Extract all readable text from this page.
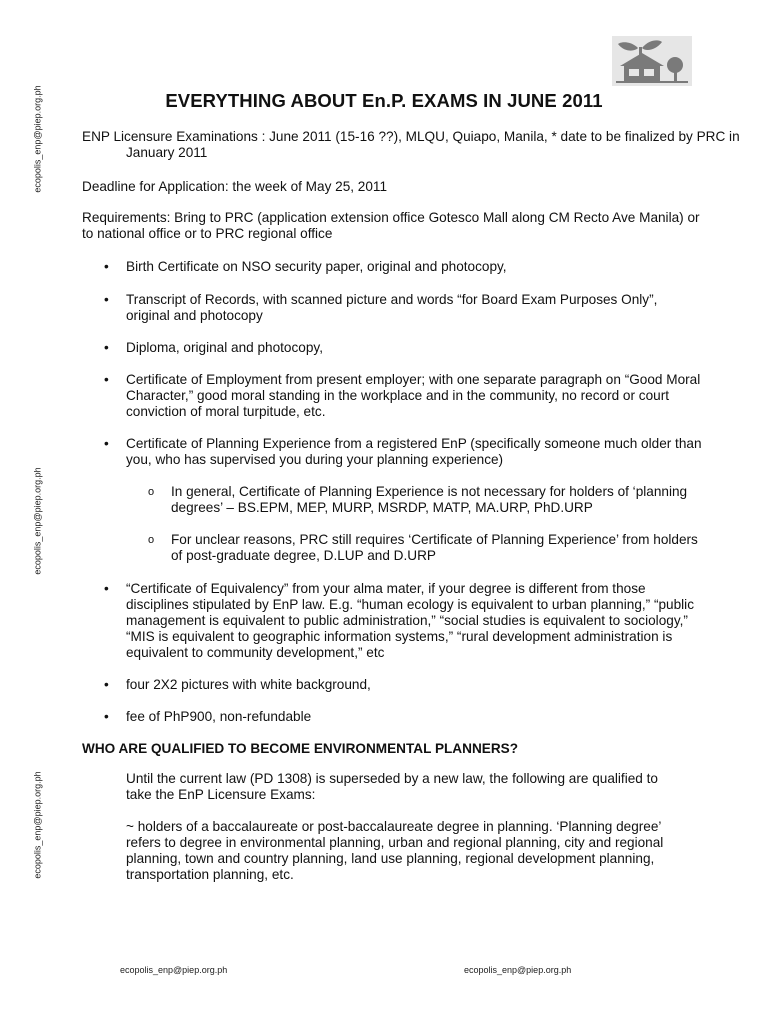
ecopolis_enp@piep.org.ph
ecopolis_enp@piep.org.ph
ecopolis_enp@piep.org.ph
EVERYTHING ABOUT En.P. EXAMS IN JUNE 2011

ENP Licensure Examinations : June 2011 (15-16 ??), MLQU, Quiapo, Manila, * date to be finalized by PRC in January 2011

Deadline for Application: the week of May 25, 2011

Requirements: Bring to PRC (application extension office Gotesco Mall along CM Recto Ave Manila) or to national office or to PRC regional office

• Birth Certificate on NSO security paper, original and photocopy,
• Transcript of Records, with scanned picture and words “for Board Exam Purposes Only”, original and photocopy
• Diploma, original and photocopy,
• Certificate of Employment from present employer; with one separate paragraph on “Good Moral Character,” good moral standing in the workplace and in the community, no record or court conviction of moral turpitude, etc.
• Certificate of Planning Experience from a registered EnP (specifically someone much older than you, who has supervised you during your planning experience)
o In general, Certificate of Planning Experience is not necessary for holders of ‘planning degrees’ – BS.EPM, MEP, MURP, MSRDP, MATP, MA.URP, PhD.URP
o For unclear reasons, PRC still requires ‘Certificate of Planning Experience’ from holders of post-graduate degree, D.LUP and D.URP
• “Certificate of Equivalency” from your alma mater, if your degree is different from those disciplines stipulated by EnP law. E.g. “human ecology is equivalent to urban planning,” “public management is equivalent to public administration,” “social studies is equivalent to sociology,” “MIS is equivalent to geographic information systems,” “rural development administration is equivalent to community development,” etc
• four 2X2 pictures with white background,
• fee of PhP900, non-refundable
WHO ARE QUALIFIED TO BECOME ENVIRONMENTAL PLANNERS?

Until the current law (PD 1308) is superseded by a new law, the following are qualified to take the EnP Licensure Exams:

~ holders of a baccalaureate or post-baccalaureate degree in planning. ‘Planning degree’ refers to degree in environmental planning, urban and regional planning, city and regional planning, town and country planning, land use planning, regional development planning, transportation planning, etc.

ecopolis_enp@piep.org.ph	ecopolis_enp@piep.org.ph
